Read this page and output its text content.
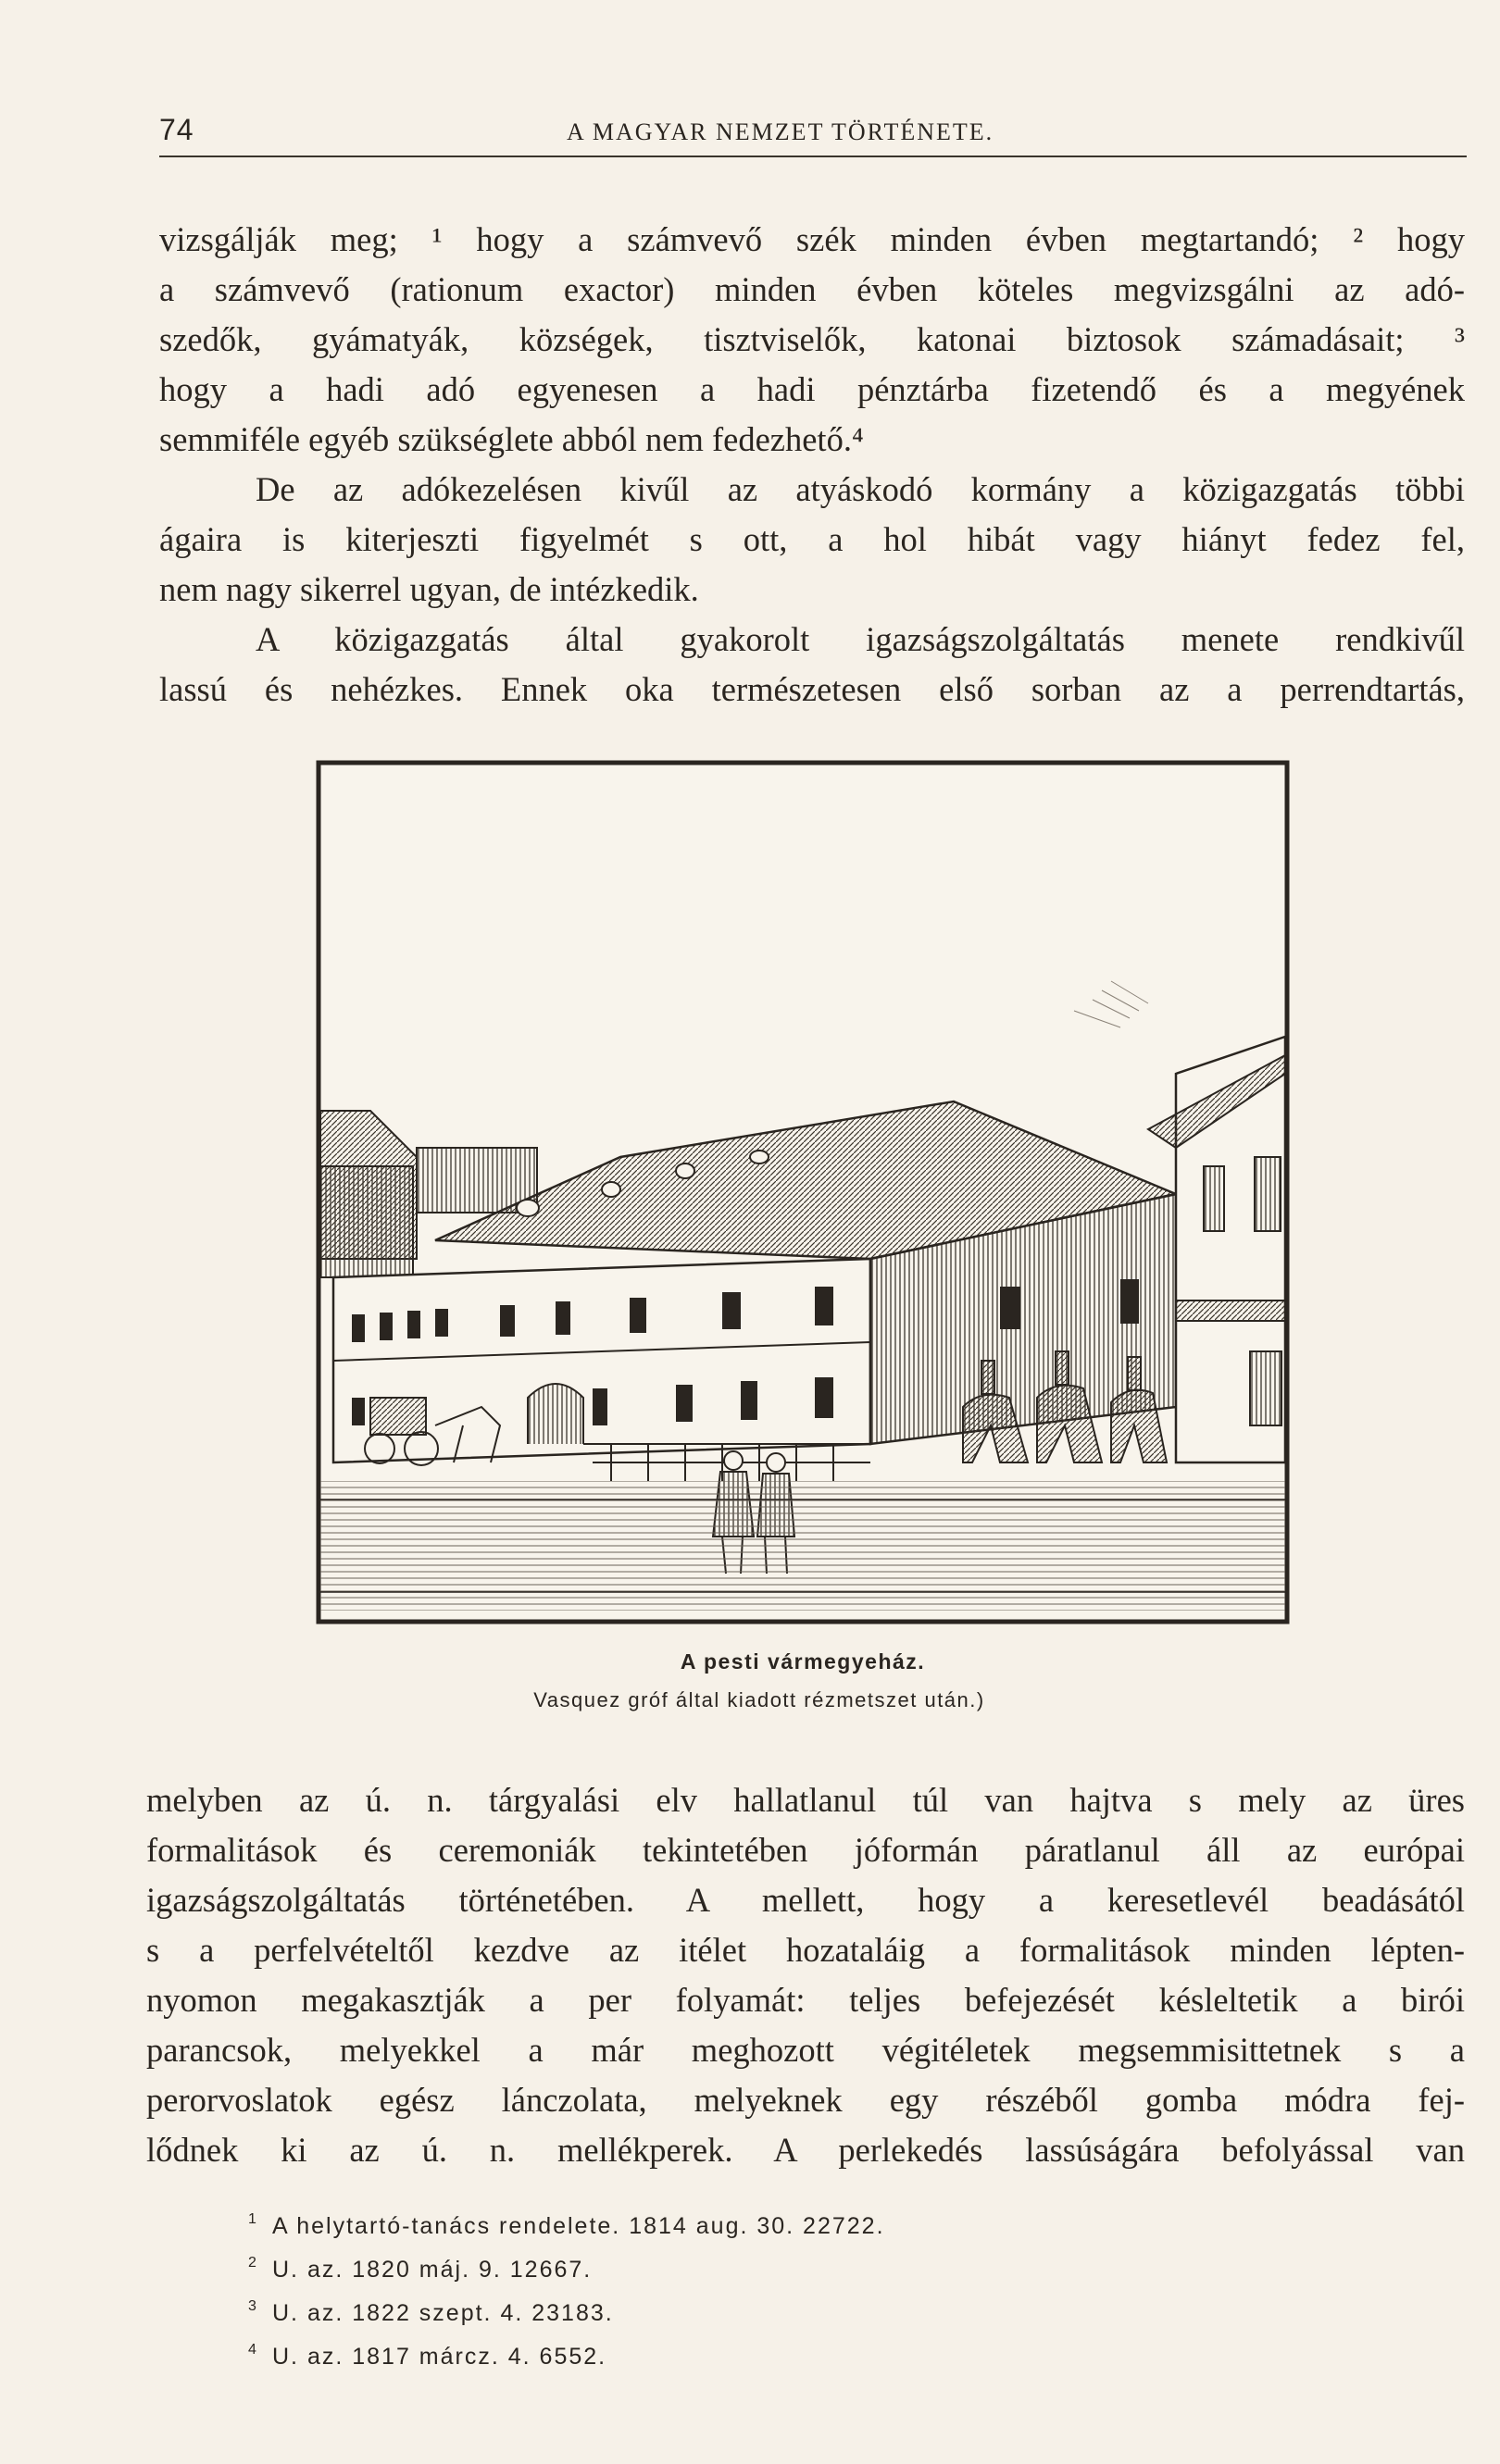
74	A MAGYAR NEMZET TÖRTÉNETE.

vizsgálják meg; ¹ hogy a számvevő szék minden évben megtartandó; ² hogy

a számvevő (rationum exactor) minden évben köteles megvizsgálni az adó-

szedők, gyámatyák, községek, tisztviselők, katonai biztosok számadásait; ³

hogy a hadi adó egyenesen a hadi pénztárba fizetendő és a megyének

semmiféle egyéb szükséglete abból nem fedezhető.⁴

De az adókezelésen kivűl az atyáskodó kormány a közigazgatás többi

ágaira is kiterjeszti figyelmét s ott, a hol hibát vagy hiányt fedez fel,

nem nagy sikerrel ugyan, de intézkedik.

A közigazgatás által gyakorolt igazságszolgáltatás menete rendkivűl

lassú és nehézkes. Ennek oka természetesen első sorban az a perrendtartás,

A pesti vármegyeház.
Vasquez gróf által kiadott rézmetszet után.)

melyben az ú. n. tárgyalási elv hallatlanul túl van hajtva s mely az üres

formalitások és ceremoniák tekintetében jóformán páratlanul áll az európai

igazságszolgáltatás történetében. A mellett, hogy a keresetlevél beadásától

s a perfelvételtől kezdve az itélet hozataláig a formalitások minden lépten-

nyomon megakasztják a per folyamát: teljes befejezését késleltetik a birói

parancsok, melyekkel a már meghozott végitéletek megsemmisittetnek s a

perorvoslatok egész lánczolata, melyeknek egy részéből gomba módra fej-

lődnek ki az ú. n. mellékperek. A perlekedés lassúságára befolyással van

1 A helytartó-tanács rendelete. 1814 aug. 30. 22722.
2 U. az. 1820 máj. 9. 12667.
3 U. az. 1822 szept. 4. 23183.
4 U. az. 1817 márcz. 4. 6552.
